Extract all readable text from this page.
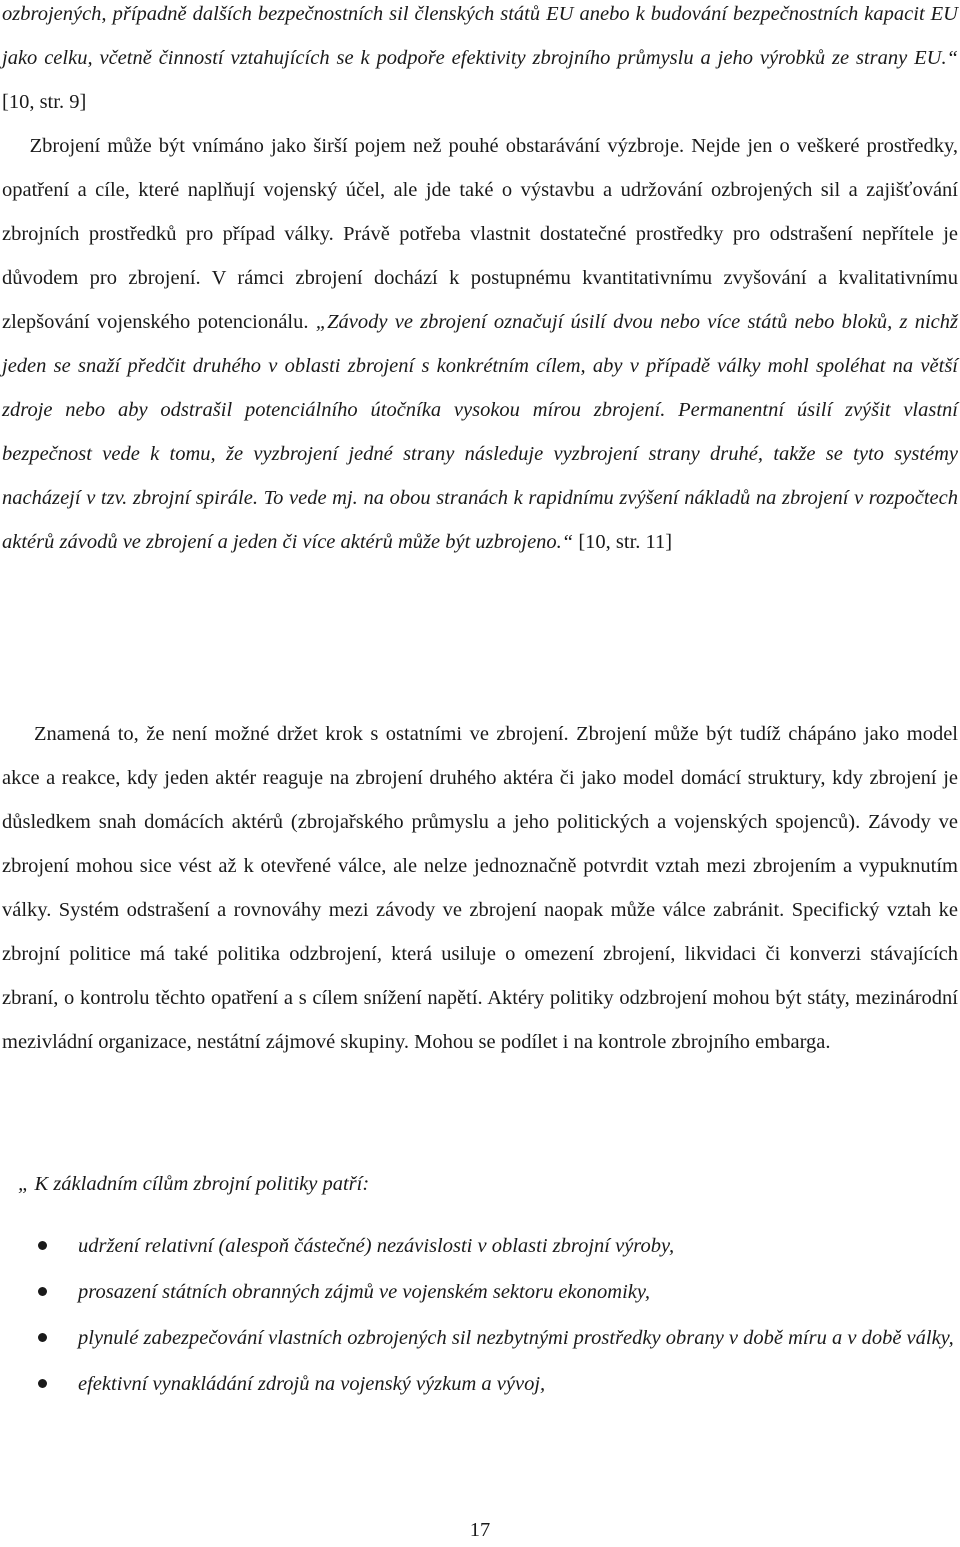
ozbrojených, případně dalších bezpečnostních sil členských států EU anebo k budování bezpečnostních kapacit EU jako celku, včetně činností vztahujících se k podpoře efektivity zbrojního průmyslu a jeho výrobků ze strany EU.“ [10, str. 9]
  Zbrojení může být vnímáno jako širší pojem než pouhé obstarávání výzbroje. Nejde jen o veškeré prostředky, opatření a cíle, které naplňují vojenský účel, ale jde také o výstavbu a udržování ozbrojených sil a zajišťování zbrojních prostředků pro případ války. Právě potřeba vlastnit dostatečné prostředky pro odstrašení nepřítele je důvodem pro zbrojení. V rámci zbrojení dochází k postupnému kvantitativnímu zvyšování a kvalitativnímu zlepšování vojenského potencionálu. „Závody ve zbrojení označují úsilí dvou nebo více států nebo bloků, z nichž jeden se snaží předčit druhého v oblasti zbrojení s konkrétním cílem, aby v případě války mohl spoléhat na větší zdroje nebo aby odstrašil potenciálního útočníka vysokou mírou zbrojení. Permanentní úsilí zvýšit vlastní bezpečnost vede k tomu, že vyzbrojení jedné strany následuje vyzbrojení strany druhé, takže se tyto systémy nacházejí v tzv. zbrojní spirále. To vede mj. na obou stranách k rapidnímu zvýšení nákladů na zbrojení v rozpočtech aktérů závodů ve zbrojení a jeden či více aktérů může být uzbrojeno.“ [10, str. 11]

Znamená to, že není možné držet krok s ostatními ve zbrojení. Zbrojení může být tudíž chápáno jako model akce a reakce, kdy jeden aktér reaguje na zbrojení druhého aktéra či jako model domácí struktury, kdy zbrojení je důsledkem snah domácích aktérů (zbrojařského průmyslu a jeho politických a vojenských spojenců). Závody ve zbrojení mohou sice vést až k otevřené válce, ale nelze jednoznačně potvrdit vztah mezi zbrojením a vypuknutím války. Systém odstrašení a rovnováhy mezi závody ve zbrojení naopak může válce zabránit. Specifický vztah ke zbrojní politice má také politika odzbrojení, která usiluje o omezení zbrojení, likvidaci či konverzi stávajících zbraní, o kontrolu těchto opatření a s cílem snížení napětí. Aktéry politiky odzbrojení mohou být státy, mezinárodní mezivládní organizace, nestátní zájmové skupiny. Mohou se podílet i na kontrole zbrojního embarga.

„ K základním cílům zbrojní politiky patří:

udržení relativní (alespoň částečné) nezávislosti v oblasti zbrojní výroby,
prosazení státních obranných zájmů ve vojenském sektoru ekonomiky,
plynulé zabezpečování vlastních ozbrojených sil nezbytnými prostředky obrany v době míru a v době války,
efektivní vynakládání zdrojů na vojenský výzkum a vývoj,

17
